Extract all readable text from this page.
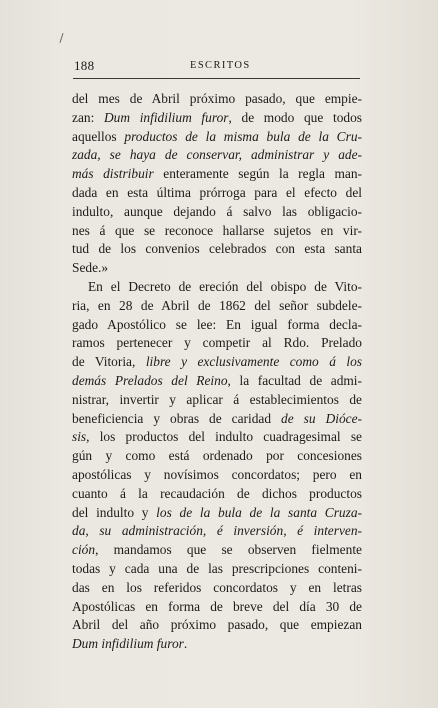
188	ESCRITOS
del mes de Abril próximo pasado, que empie-
zan: Dum infidilium furor, de modo que todos
aquellos productos de la misma bula de la Cru-
zada, se haya de conservar, administrar y ade-
más distribuir enteramente según la regla man-
dada en esta última prórroga para el efecto del
indulto, aunque dejando á salvo las obligacio-
nes á que se reconoce hallarse sujetos en vir-
tud de los convenios celebrados con esta santa
Sede.»
En el Decreto de ereción del obispo de Vito-
ria, en 28 de Abril de 1862 del señor subdele-
gado Apostólico se lee: En igual forma decla-
ramos pertenecer y competir al Rdo. Prelado
de Vitoria, libre y exclusivamente como á los
demás Prelados del Reino, la facultad de admi-
nistrar, invertir y aplicar á establecimientos de
beneficiencia y obras de caridad de su Dióce-
sis, los productos del indulto cuadragesimal se
gún y como está ordenado por concesiones
apostólicas y novísimos concordatos; pero en
cuanto á la recaudación de dichos productos
del indulto y los de la bula de la santa Cruza-
da, su administración, é inversión, é interven-
ción, mandamos que se observen fielmente
todas y cada una de las prescripciones conteni-
das en los referidos concordatos y en letras
Apostólicas en forma de breve del día 30 de
Abril del año próximo pasado, que empiezan
Dum infidilium furor.
